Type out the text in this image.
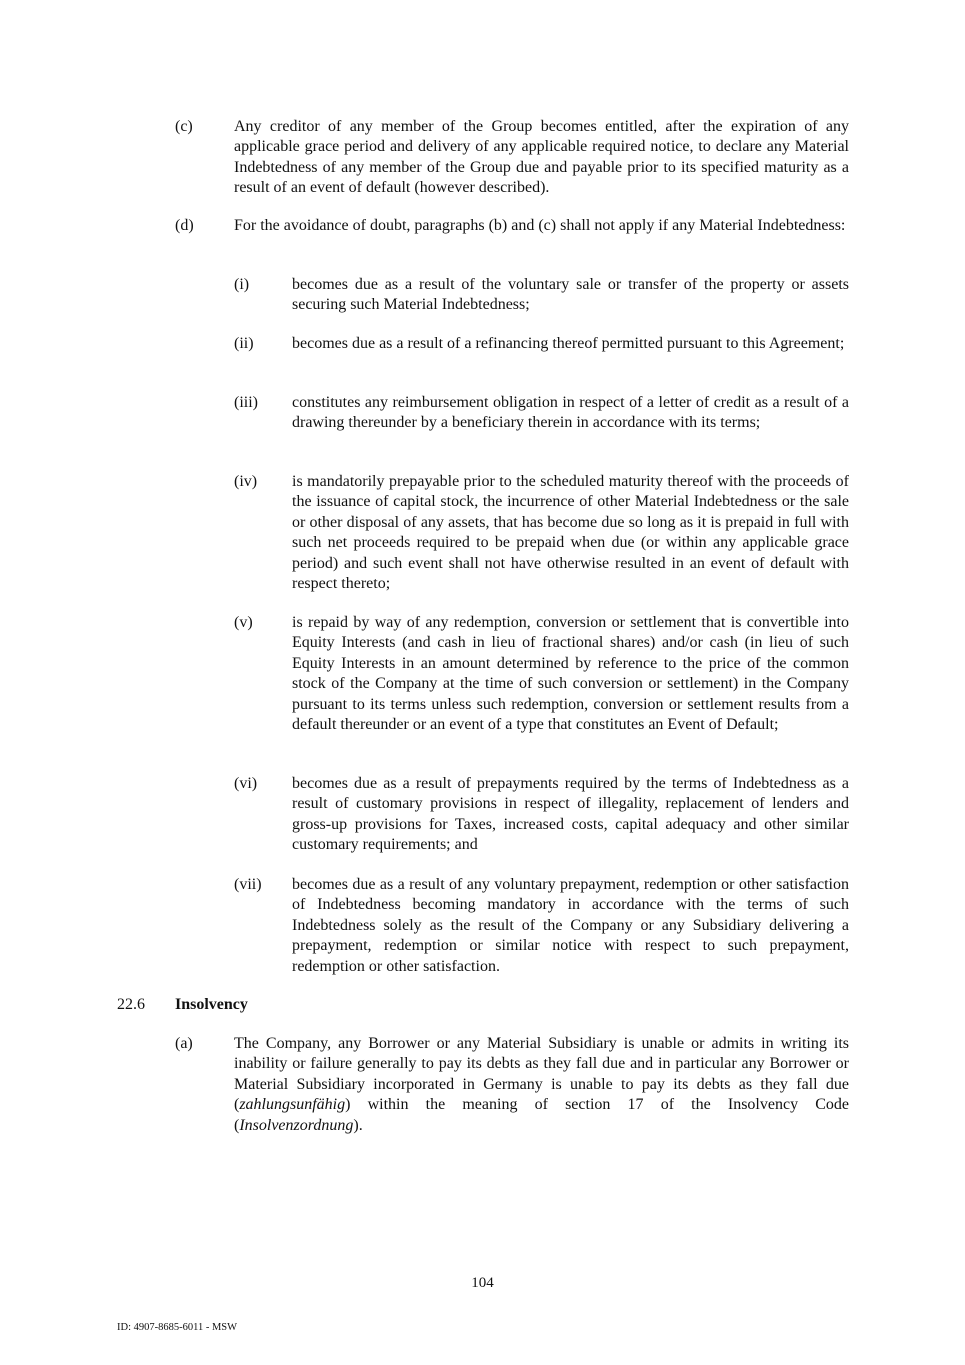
(c)	Any creditor of any member of the Group becomes entitled, after the expiration of any applicable grace period and delivery of any applicable required notice, to declare any Material Indebtedness of any member of the Group due and payable prior to its specified maturity as a result of an event of default (however described).

(d)	For the avoidance of doubt, paragraphs (b) and (c) shall not apply if any Material Indebtedness:

(i)	becomes due as a result of the voluntary sale or transfer of the property or assets securing such Material Indebtedness;

(ii) becomes due as a result of a refinancing thereof permitted pursuant to this Agreement;

(iii) constitutes any reimbursement obligation in respect of a letter of credit as a result of a drawing thereunder by a beneficiary therein in accordance with its terms;

(iv) is mandatorily prepayable prior to the scheduled maturity thereof with the proceeds of the issuance of capital stock, the incurrence of other Material Indebtedness or the sale or other disposal of any assets, that has become due so long as it is prepaid in full with such net proceeds required to be prepaid when due (or within any applicable grace period) and such event shall not have otherwise resulted in an event of default with respect thereto;

(v) is repaid by way of any redemption, conversion or settlement that is convertible into Equity Interests (and cash in lieu of fractional shares) and/or cash (in lieu of such Equity Interests in an amount determined by reference to the price of the common stock of the Company at the time of such conversion or settlement) in the Company pursuant to its terms unless such redemption, conversion or settlement results from a default thereunder or an event of a type that constitutes an Event of Default;

(vi) becomes due as a result of prepayments required by the terms of Indebtedness as a result of customary provisions in respect of illegality, replacement of lenders and gross-up provisions for Taxes, increased costs, capital adequacy and other similar customary requirements; and

(vii) becomes due as a result of any voluntary prepayment, redemption or other satisfaction of Indebtedness becoming mandatory in accordance with the terms of such Indebtedness solely as the result of the Company or any Subsidiary delivering a prepayment, redemption or similar notice with respect to such prepayment, redemption or other satisfaction.

22.6 Insolvency
(a)	The Company, any Borrower or any Material Subsidiary is unable or admits in writing its inability or failure generally to pay its debts as they fall due and in particular any Borrower or Material Subsidiary incorporated in Germany is unable to pay its debts as they fall due (zahlungsunfähig) within the meaning of section 17 of the Insolvency Code (Insolvenzordnung).

104
ID: 4907-8685-6011 - MSW
